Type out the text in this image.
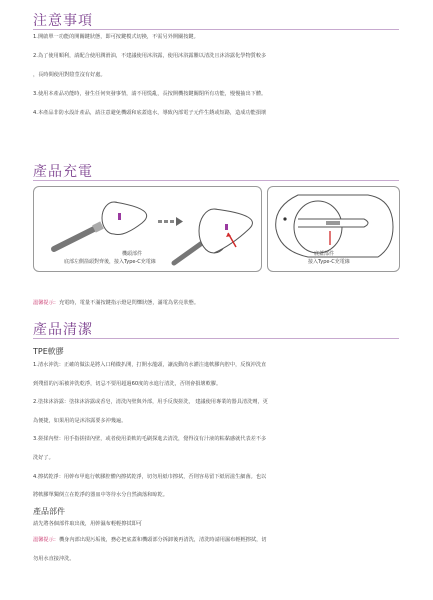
注意事項
1.開啟單一功能的開關鍵狀態，即可按鍵模式切換，不需另外開關按鍵。
2.為了使用順利，請配合使用潤滑油，不建議使用沐浴露，使用沐浴露難以清洗且沐浴露化學物質較多
，長時間使用對陰莖沒有好處。
3.使用本產品功能時，發生任何突發事情，請不用慌亂，長按開機按鍵關閉所有功能，慢慢抽出下體。
4.本產品非防水設計產品，請注意避免機頭和底蓋進水，導致內部電子元件生銹或短路，造成功能損壞
產品充電
機頭部件
底部左側箭頭對齊後，接入Type-C充電線
底蓋部件
接入Type-C充電線
溫馨提示：充電時，電量不滿按鍵指示燈是閃爍狀態，滿電為常亮狀態。
產品清潔
TPE軟膠
1.清水沖洗：正確的做法是將入口稍微扒開，打開水龍頭，讓流動的水灌注進軟膠內腔中，反復沖洗直
到殘留的污垢被沖洗乾淨，切忌不要用超過60度的水進行清洗，否則會損壞軟膠。
2.塗抹沐浴露：塗抹沐浴露或香皂，清洗內壁與外部，用手反復搓洗， 建議使用專業的器具清洗劑，更
為便捷，如果用的是沐浴露要多沖幾遍。
3.搓揉內壁：用手指搓揉內壁，或者使用柔軟的毛刷探進去清洗，覺得沒有汁液的粘黏感就代表差不多
洗好了。
4.擦拭乾淨：用幹布甲進行軟膠腔體內擦拭乾淨，切勿用紙巾擦拭，否則容易留下紙屑滋生細菌。也以
將軟膠單獨倒立在乾淨的器皿中等待水分自然滴落和晾乾。
產品部件
請先將各個部件取出後，用幹濕布輕輕擦拭即可
溫馨提示：機身內部出現污垢後，務必把底蓋和機頭部分拆卸後再清洗，清洗時請用濕布輕輕擦拭，切
勿用水直接沖洗。
